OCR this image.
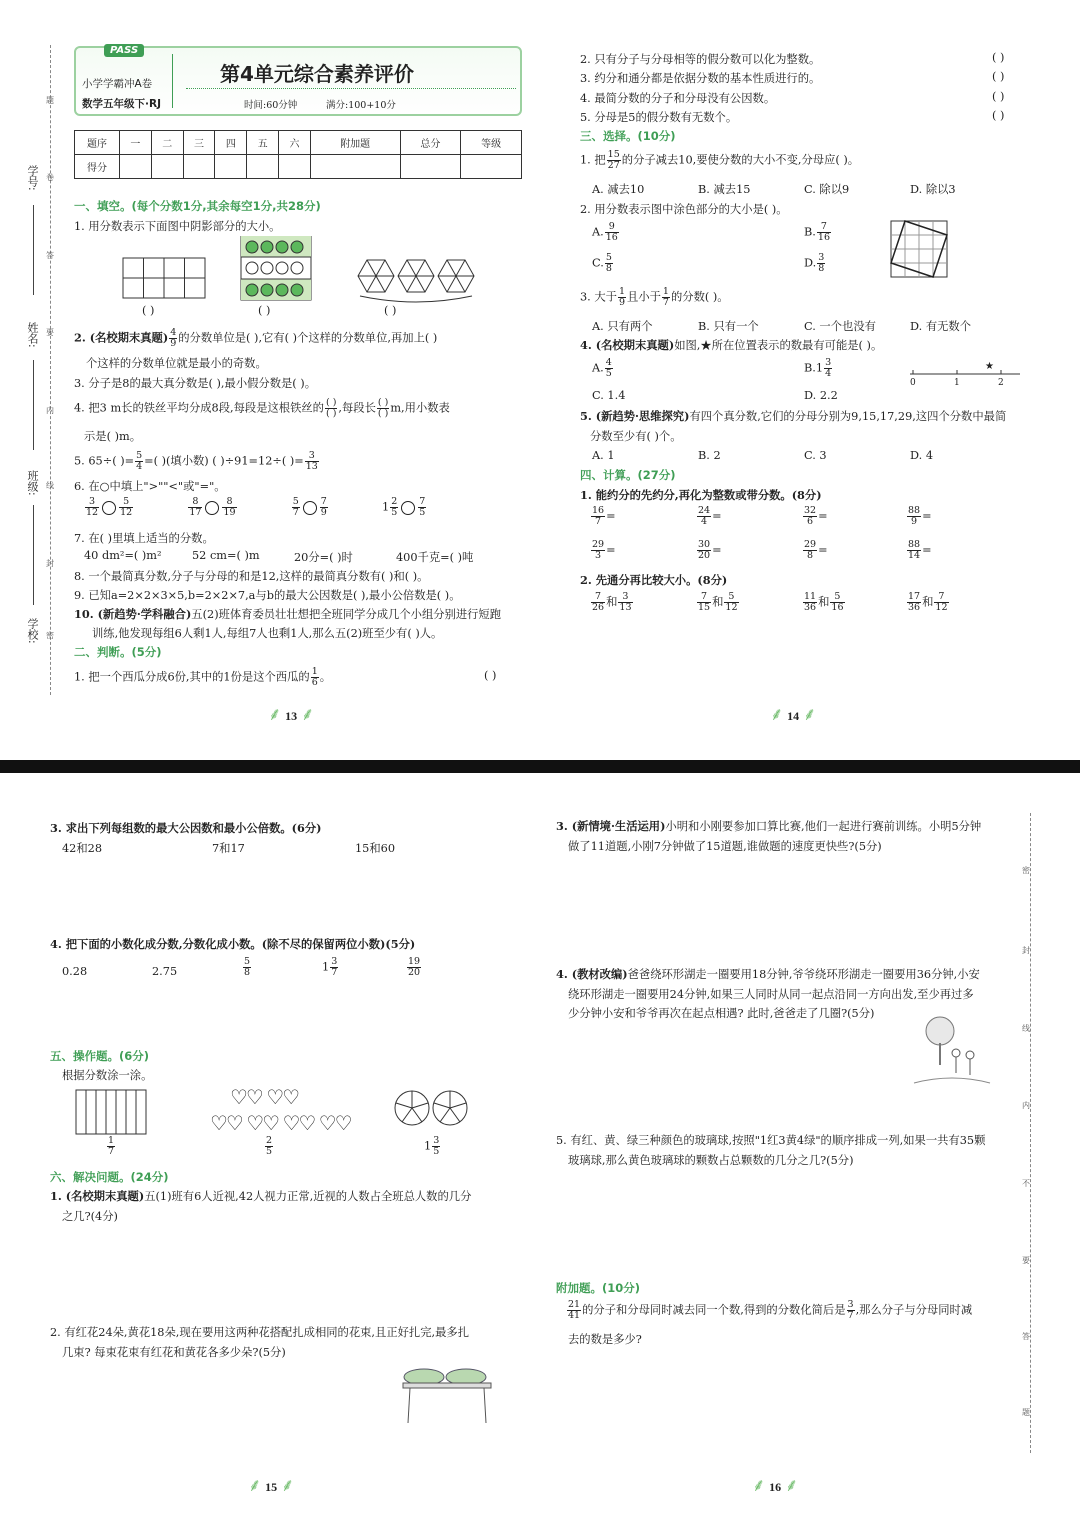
学号:
姓名:
班级:
学校:
题
卷
答
要
内
线
封
密
PASS
小学学霸冲A卷
数学五年级下·RJ
第4单元综合素养评价
时间:60分钟	满分:100+10分
题序	一	二	三	四	五	六	附加题	总分	等级
得分									
一、填空。(每个分数1分,其余每空1分,共28分)
1. 用分数表示下面图中阴影部分的大小。
( )	( )	( )
2. (名校期末真题) $\frac{4}{9}$ 的分数单位是( ),它有( )个这样的分数单位,再加上( )
个这样的分数单位就是最小的奇数。
3. 分子是8的最大真分数是( ),最小假分数是( )。
4. 把3 m长的铁丝平均分成8段,每段是这根铁丝的 $\frac{( )}{( )}$ ,每段长 $\frac{( )}{( )} m$,用小数表
示是( )m。
5. 65÷( )= $\frac{5}{4}$ =( )(填小数) ( )÷91=12÷( )= $\frac{3}{13}$
6. 在○中填上">""<"或"="。
$\frac{3}{12} \frac{5}{12}$
	$\frac{8}{17} \frac{8}{19}$
	$\frac{5}{7} \frac{7}{9}$	$1 \frac{2}{5} \frac{7}{5}$
7. 在( )里填上适当的分数。
40 dm²=( )m²	52 cm=( )m	20分=( )时	400千克=( )吨
8. 一个最简真分数,分子与分母的和是12,这样的最简真分数有( )和( )。
9. 已知a=2×2×3×5,b=2×2×7,a与b的最大公因数是( ),最小公倍数是( )。
10. (新趋势·学科融合)五(2)班体育委员壮壮想把全班同学分成几个小组分别进行短跑
训练,他发现每组6人剩1人,每组7人也剩1人,那么五(2)班至少有( )人。
二、判断。(5分)
1. 把一个西瓜分成6份,其中的1份是这个西瓜的 $\frac{1}{6}$ 。	( )
⸙ 13 ⸙
2. 只有分子与分母相等的假分数可以化为整数。	( )
3. 约分和通分都是依据分数的基本性质进行的。	( )
4. 最简分数的分子和分母没有公因数。	( )
5. 分母是5的假分数有无数个。	( )
三、选择。(10分)
1. 把 $\frac{15}{27}$ 的分子减去10,要使分数的大小不变,分母应( )。
A. 减去10	B. 减去15	C. 除以9	D. 除以3
2. 用分数表示图中涂色部分的大小是( )。
A. $\frac{9}{16}$	B. $\frac{7}{16}$
C. $\frac{5}{8}$	D. $\frac{3}{8}$
3. 大于 $\frac{1}{9}$ 且小于 $\frac{1}{7}$ 的分数( )。
A. 只有两个	B. 只有一个	C. 一个也没有	D. 有无数个
4. (名校期末真题)如图,★所在位置表示的数最有可能是( )。
A. $\frac{4}{5}$	$B.1 \frac{3}{4}$
C. 1.4	D. 2.2
0	1	2
★
5. (新趋势·思维探究)有四个真分数,它们的分母分别为9,15,17,29,这四个分数中最简
分数至少有( )个。
A. 1	B. 2	C. 3	D. 4
四、计算。(27分)
1. 能约分的先约分,再化为整数或带分数。(8分)
$\frac{16}{7}$ =	$\frac{24}{4}$ =	$\frac{32}{6}$ =	$\frac{88}{9}$ =
$\frac{29}{3}$ =	$\frac{30}{20}$ =	$\frac{29}{8}$ =	$\frac{88}{14}$ =
2. 先通分再比较大小。(8分)
$\frac{7}{26}$ 和 $\frac{3}{13}$	$\frac{7}{15}$ 和 $\frac{5}{12}$	$\frac{11}{36}$ 和 $\frac{5}{16}$	$\frac{17}{36}$ 和 $\frac{7}{12}$
⸙ 14 ⸙
3. 求出下列每组数的最大公因数和最小公倍数。(6分)
42和28	7和17	15和60
4. 把下面的小数化成分数,分数化成小数。(除不尽的保留两位小数)(5分)
0.28	2.75	$\frac{5}{8}$	$1 \frac{3}{7}$	$\frac{19}{20}$
五、操作题。(6分)
根据分数涂一涂。
$\frac{1}{7}$
♡♡ ♡♡
♡♡ ♡♡ ♡♡ ♡♡
$\frac{2}{5}$	$1 \frac{3}{5}$
六、解决问题。(24分)
1. (名校期末真题)五(1)班有6人近视,42人视力正常,近视的人数占全班总人数的几分
之几?(4分)
2. 有红花24朵,黄花18朵,现在要用这两种花搭配扎成相同的花束,且正好扎完,最多扎
几束? 每束花束有红花和黄花各多少朵?(5分)
⸙ 15 ⸙
3. (新情境·生活运用)小明和小刚要参加口算比赛,他们一起进行赛前训练。小明5分钟
做了11道题,小刚7分钟做了15道题,谁做题的速度更快些?(5分)
4. (教材改编)爸爸绕环形湖走一圈要用18分钟,爷爷绕环形湖走一圈要用36分钟,小安
绕环形湖走一圈要用24分钟,如果三人同时从同一起点沿同一方向出发,至少再过多
少分钟小安和爷爷再次在起点相遇? 此时,爸爸走了几圈?(5分)
5. 有红、黄、绿三种颜色的玻璃球,按照"1红3黄4绿"的顺序排成一列,如果一共有35颗
玻璃球,那么黄色玻璃球的颗数占总颗数的几分之几?(5分)
附加题。(10分)
$\frac{21}{41}$ 的分子和分母同时减去同一个数,得到的分数化简后是 $\frac{3}{7}$ ,那么分子与分母同时减
去的数是多少?
⸙ 16 ⸙
密
封
线
内
不
要
答
题
